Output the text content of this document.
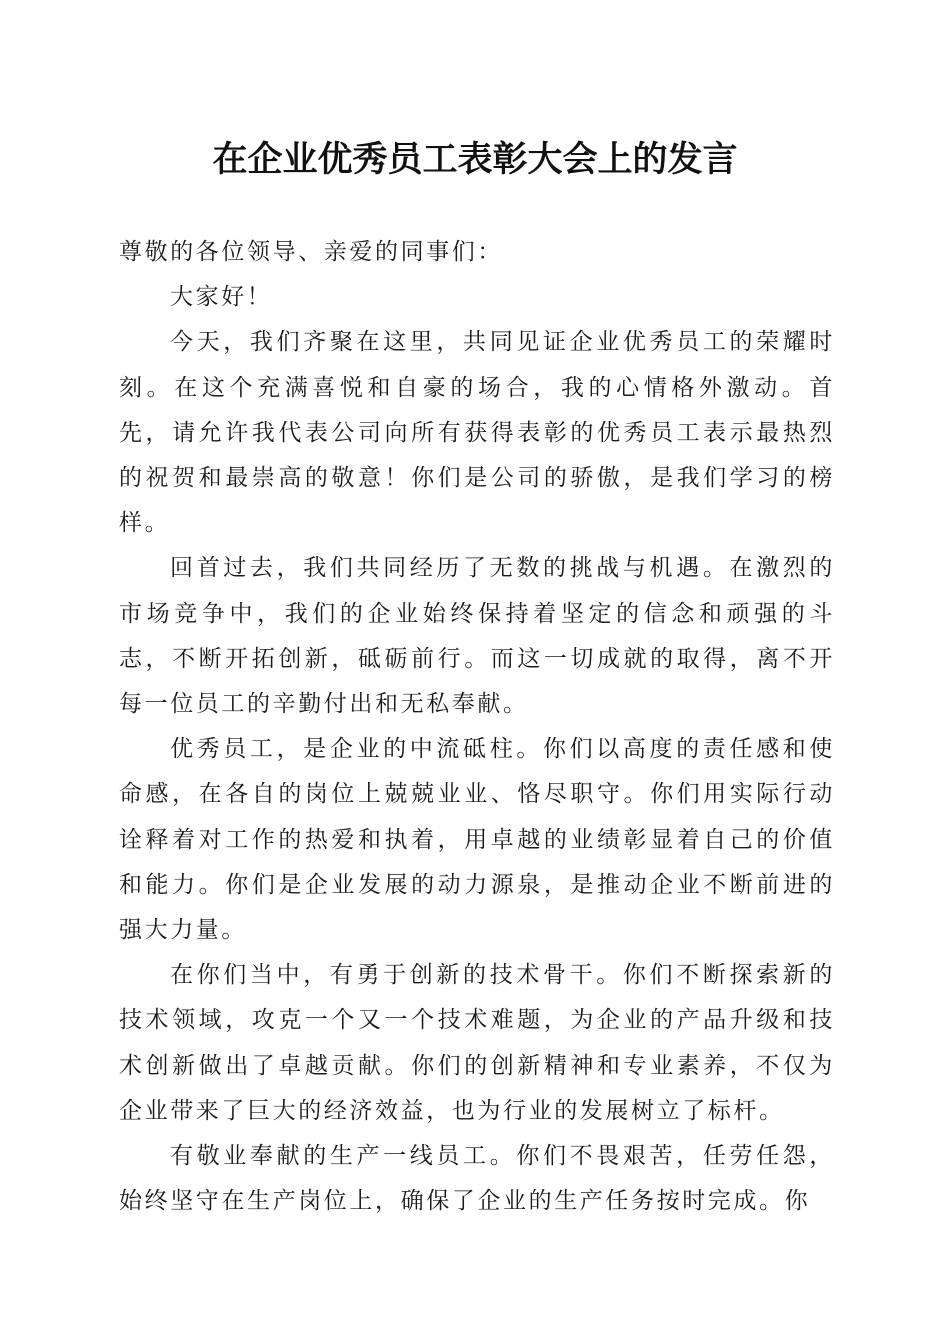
在企业优秀员工表彰大会上的发言

尊敬的各位领导、亲爱的同事们：

大家好！

今天，我们齐聚在这里，共同见证企业优秀员工的荣耀时刻。在这个充满喜悦和自豪的场合，我的心情格外激动。首先，请允许我代表公司向所有获得表彰的优秀员工表示最热烈的祝贺和最崇高的敬意！你们是公司的骄傲，是我们学习的榜样。

回首过去，我们共同经历了无数的挑战与机遇。在激烈的市场竞争中，我们的企业始终保持着坚定的信念和顽强的斗志，不断开拓创新，砥砺前行。而这一切成就的取得，离不开每一位员工的辛勤付出和无私奉献。

优秀员工，是企业的中流砥柱。你们以高度的责任感和使命感，在各自的岗位上兢兢业业、恪尽职守。你们用实际行动诠释着对工作的热爱和执着，用卓越的业绩彰显着自己的价值和能力。你们是企业发展的动力源泉，是推动企业不断前进的强大力量。

在你们当中，有勇于创新的技术骨干。你们不断探索新的技术领域，攻克一个又一个技术难题，为企业的产品升级和技术创新做出了卓越贡献。你们的创新精神和专业素养，不仅为企业带来了巨大的经济效益，也为行业的发展树立了标杆。

有敬业奉献的生产一线员工。你们不畏艰苦，任劳任怨，始终坚守在生产岗位上，确保了企业的生产任务按时完成。你
